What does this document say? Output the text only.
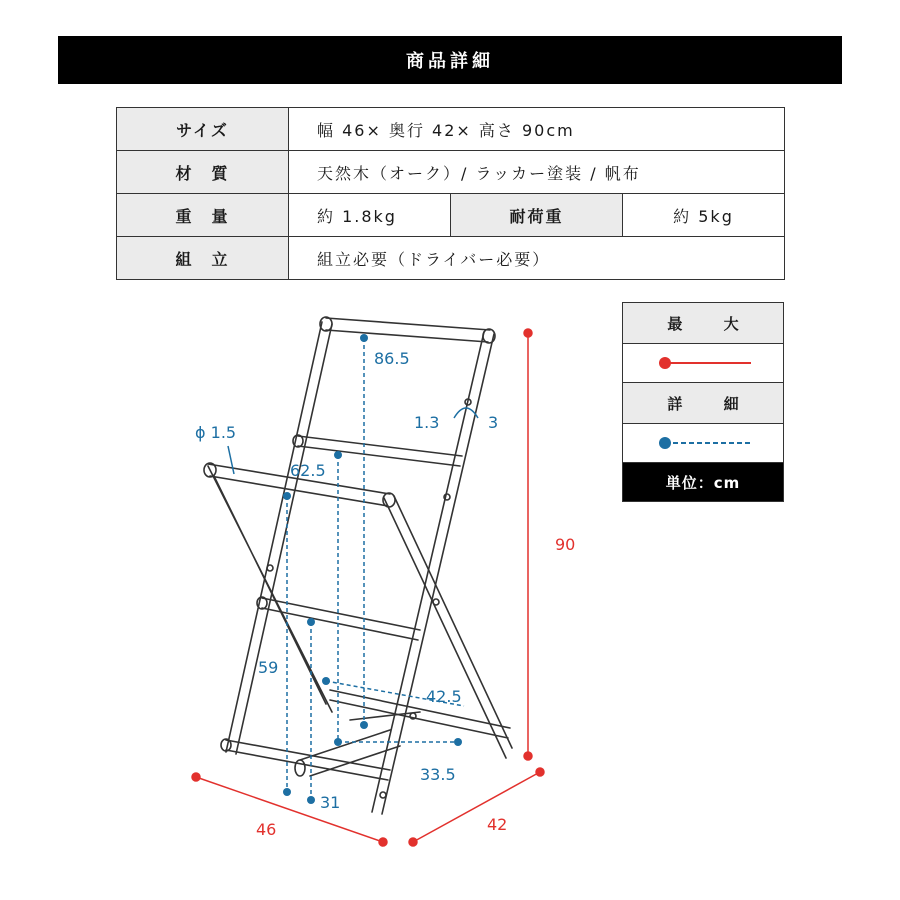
商品詳細
サイズ	幅 46× 奥行 42× 高さ 90cm		
材　質	天然木（オーク）/ ラッカー塗装 / 帆布		
重　量	約 1.8kg	耐荷重	約 5kg
組　立	組立必要（ドライバー必要）		
最 大
詳 細
単位：cm
90
46	42
86.5
ϕ 1.5
1.3	3
62.5
59
42.5
33.5
31
